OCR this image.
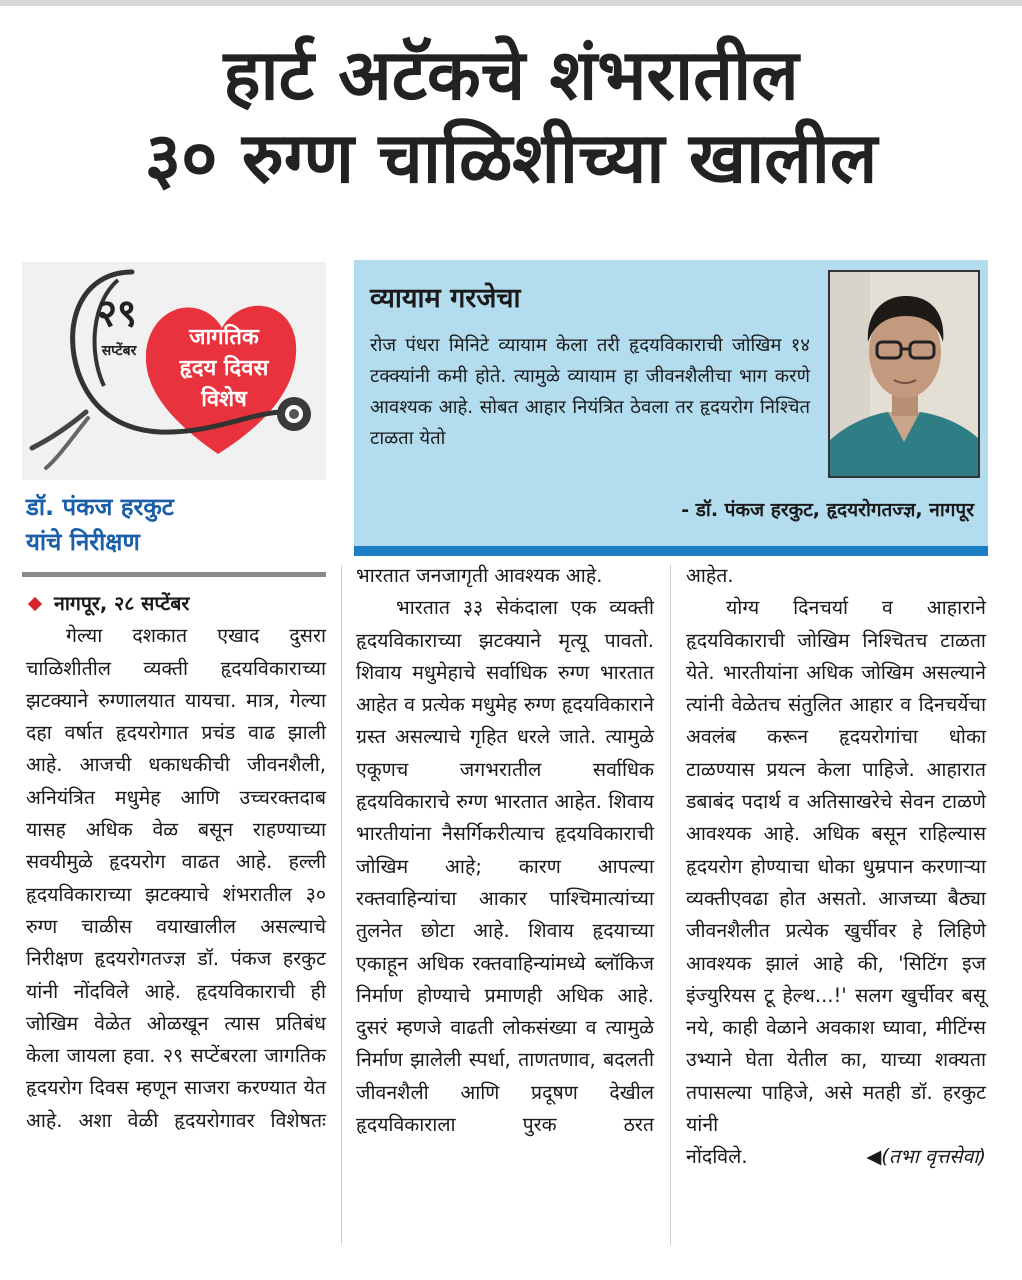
हार्ट अटॅकचे शंभरातील
३० रुग्ण चाळिशीच्या खालील
२९
सप्टेंबर
जागतिक
हृदय दिवस
विशेष
डॉ. पंकज हरकुट
यांचे निरीक्षण
व्यायाम गरजेचा
रोज पंधरा मिनिटे व्यायाम केला तरी हृदयविकाराची जोखिम १४ टक्क्यांनी कमी होते. त्यामुळे व्यायाम हा जीवनशैलीचा भाग करणे आवश्यक आहे. सोबत आहार नियंत्रित ठेवला तर हृदयरोग निश्चित टाळता येतो
- डॉ. पंकज हरकुट, हृदयरोगतज्ज्ञ, नागपूर
नागपूर, २८ सप्टेंबर

गेल्या दशकात एखाद दुसरा चाळिशीतील व्यक्ती हृदयविकाराच्या झटक्याने रुग्णालयात यायचा. मात्र, गेल्या दहा वर्षात हृदयरोगात प्रचंड वाढ झाली आहे. आजची धकाधकीची जीवनशैली, अनियंत्रित मधुमेह आणि उच्चरक्तदाब यासह अधिक वेळ बसून राहण्याच्या सवयीमुळे हृदयरोग वाढत आहे. हल्ली हृदयविकाराच्या झटक्याचे शंभरातील ३० रुग्ण चाळीस वयाखालील असल्याचे निरीक्षण हृदयरोगतज्ज्ञ डॉ. पंकज हरकुट यांनी नोंदविले आहे. हृदयविकाराची ही जोखिम वेळेत ओळखून त्यास प्रतिबंध केला जायला हवा. २९ सप्टेंबरला जागतिक हृदयरोग दिवस म्हणून साजरा करण्यात येत आहे. अशा वेळी हृदयरोगावर विशेषतः

भारतात जनजागृती आवश्यक आहे.

भारतात ३३ सेकंदाला एक व्यक्ती हृदयविकाराच्या झटक्याने मृत्यू पावतो. शिवाय मधुमेहाचे सर्वाधिक रुग्ण भारतात आहेत व प्रत्येक मधुमेह रुग्ण हृदयविकाराने ग्रस्त असल्याचे गृहित धरले जाते. त्यामुळे एकूणच जगभरातील सर्वाधिक हृदयविकाराचे रुग्ण भारतात आहेत. शिवाय भारतीयांना नैसर्गिकरीत्याच हृदयविकाराची जोखिम आहे; कारण आपल्या रक्तवाहिन्यांचा आकार पाश्चिमात्यांच्या तुलनेत छोटा आहे. शिवाय हृदयाच्या एकाहून अधिक रक्तवाहिन्यांमध्ये ब्लॉकिज निर्माण होण्याचे प्रमाणही अधिक आहे. दुसरं म्हणजे वाढती लोकसंख्या व त्यामुळे निर्माण झालेली स्पर्धा, ताणतणाव, बदलती जीवनशैली आणि प्रदूषण देखील हृदयविकाराला पुरक ठरत

आहेत.

योग्य दिनचर्या व आहाराने हृदयविकाराची जोखिम निश्चितच टाळता येते. भारतीयांना अधिक जोखिम असल्याने त्यांनी वेळेतच संतुलित आहार व दिनचर्येचा अवलंब करून हृदयरोगांचा धोका टाळण्यास प्रयत्न केला पाहिजे. आहारात डबाबंद पदार्थ व अतिसाखरेचे सेवन टाळणे आवश्यक आहे. अधिक बसून राहिल्यास हृदयरोग होण्याचा धोका धुम्रपान करणाऱ्या व्यक्तीएवढा होत असतो. आजच्या बैठ्या जीवनशैलीत प्रत्येक खुर्चीवर हे लिहिणे आवश्यक झालं आहे की, 'सिटिंग इज इंज्युरियस टू हेल्थ...!' सलग खुर्चीवर बसू नये, काही वेळाने अवकाश घ्यावा, मीटिंग्स उभ्याने घेता येतील का, याच्या शक्यता तपासल्या पाहिजे, असे मतही डॉ. हरकुट यांनी

नोंदविले.	◀(तभा वृत्तसेवा)
